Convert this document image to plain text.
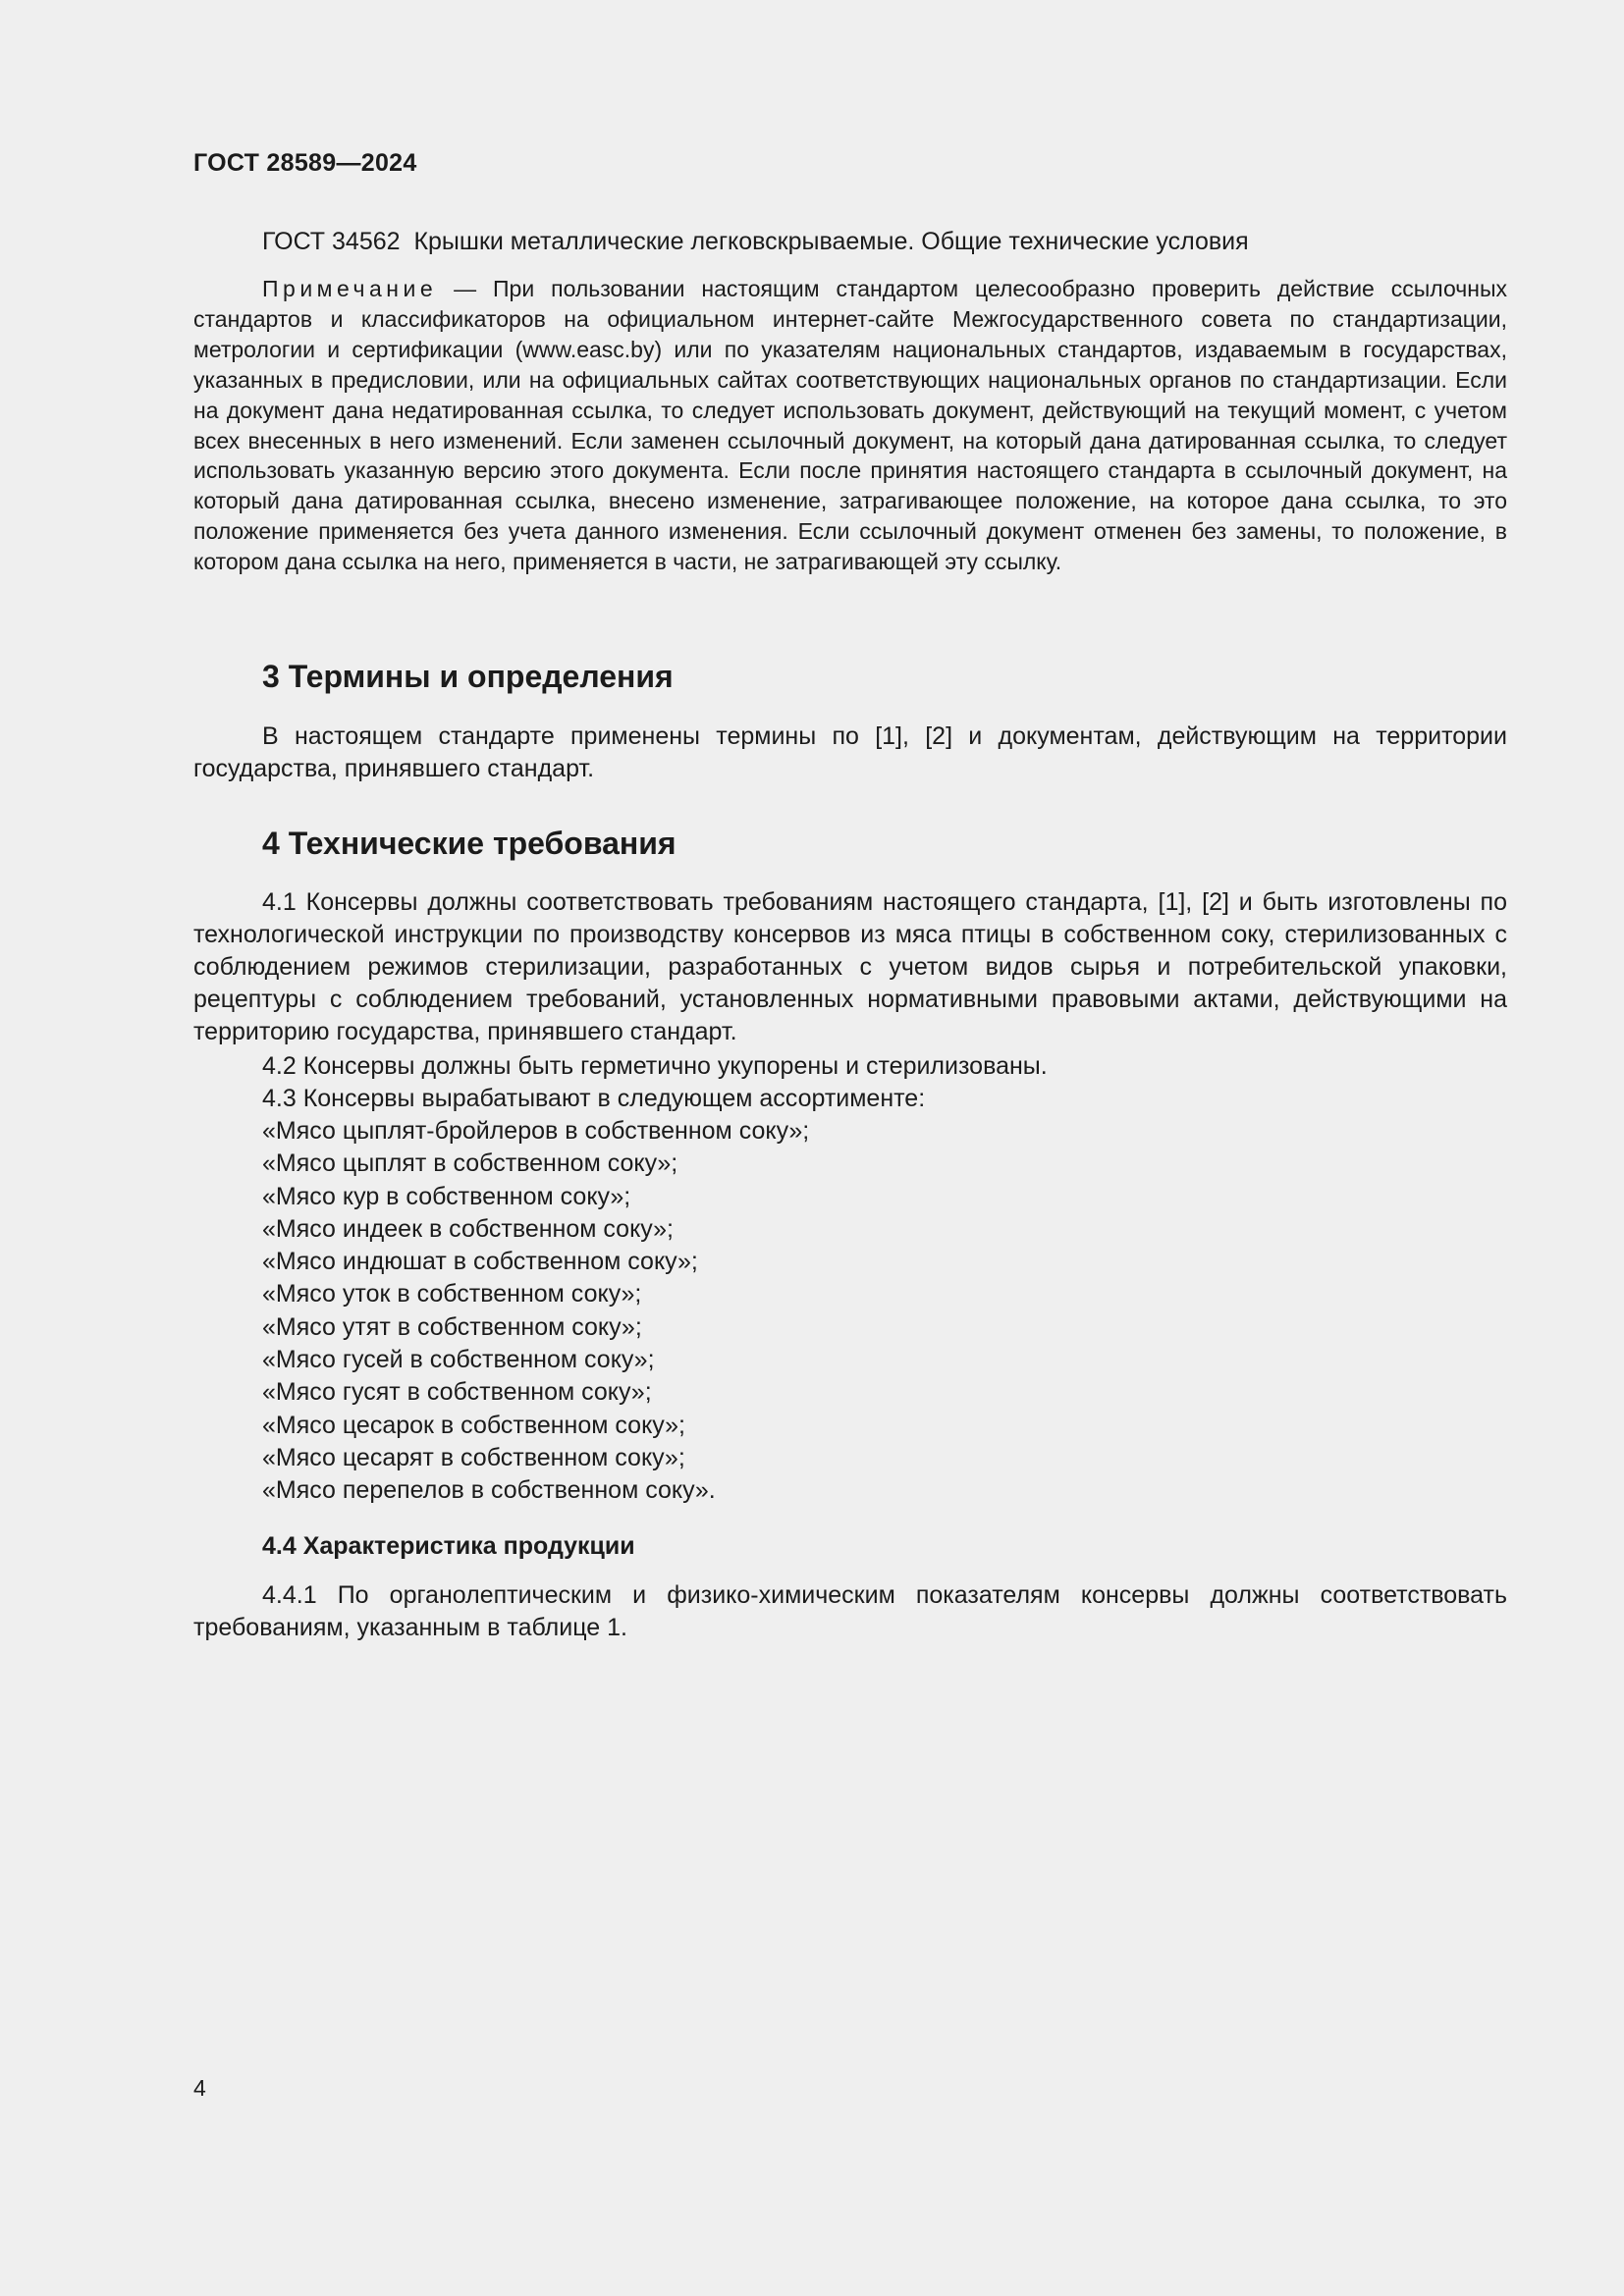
ГОСТ 28589—2024
ГОСТ 34562 Крышки металлические легковскрываемые. Общие технические условия

Примечание — При пользовании настоящим стандартом целесообразно проверить действие ссылочных стандартов и классификаторов на официальном интернет-сайте Межгосударственного совета по стандартизации, метрологии и сертификации (www.easc.by) или по указателям национальных стандартов, издаваемым в государствах, указанных в предисловии, или на официальных сайтах соответствующих национальных органов по стандартизации. Если на документ дана недатированная ссылка, то следует использовать документ, действующий на текущий момент, с учетом всех внесенных в него изменений. Если заменен ссылочный документ, на который дана датированная ссылка, то следует использовать указанную версию этого документа. Если после принятия настоящего стандарта в ссылочный документ, на который дана датированная ссылка, внесено изменение, затрагивающее положение, на которое дана ссылка, то это положение применяется без учета данного изменения. Если ссылочный документ отменен без замены, то положение, в котором дана ссылка на него, применяется в части, не затрагивающей эту ссылку.

3 Термины и определения

В настоящем стандарте применены термины по [1], [2] и документам, действующим на территории государства, принявшего стандарт.

4 Технические требования

4.1 Консервы должны соответствовать требованиям настоящего стандарта, [1], [2] и быть изготовлены по технологической инструкции по производству консервов из мяса птицы в собственном соку, стерилизованных с соблюдением режимов стерилизации, разработанных с учетом видов сырья и потребительской упаковки, рецептуры с соблюдением требований, установленных нормативными правовыми актами, действующими на территорию государства, принявшего стандарт.

4.2 Консервы должны быть герметично укупорены и стерилизованы.

4.3 Консервы вырабатывают в следующем ассортименте:

«Мясо цыплят-бройлеров в собственном соку»;
«Мясо цыплят в собственном соку»;
«Мясо кур в собственном соку»;
«Мясо индеек в собственном соку»;
«Мясо индюшат в собственном соку»;
«Мясо уток в собственном соку»;
«Мясо утят в собственном соку»;
«Мясо гусей в собственном соку»;
«Мясо гусят в собственном соку»;
«Мясо цесарок в собственном соку»;
«Мясо цесарят в собственном соку»;
«Мясо перепелов в собственном соку».
4.4 Характеристика продукции

4.4.1 По органолептическим и физико-химическим показателям консервы должны соответствовать требованиям, указанным в таблице 1.

4
